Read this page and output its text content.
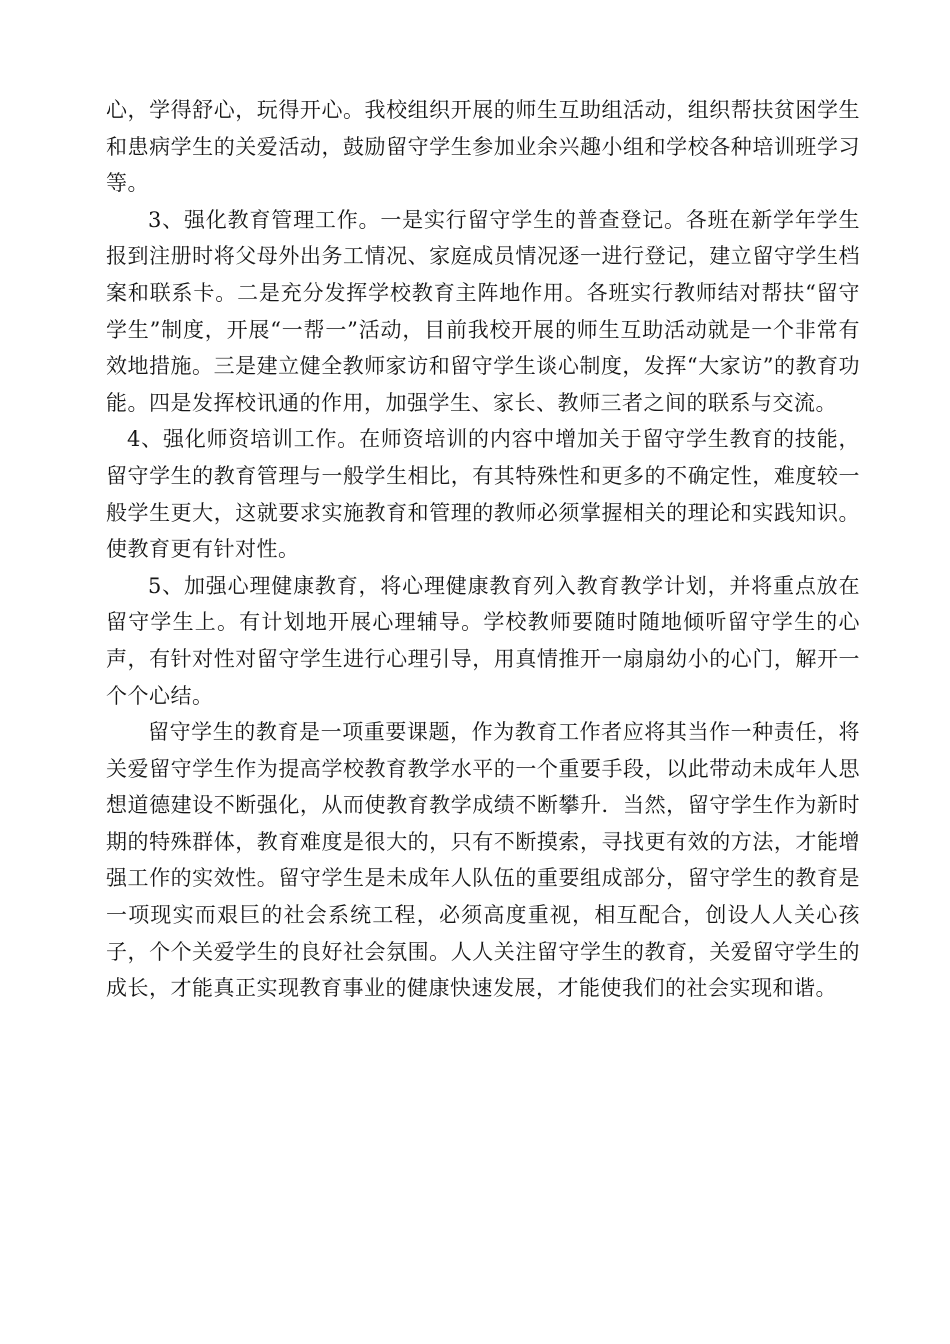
心，学得舒心，玩得开心。我校组织开展的师生互助组活动，组织帮扶贫困学生和患病学生的关爱活动，鼓励留守学生参加业余兴趣小组和学校各种培训班学习等。

3、强化教育管理工作。一是实行留守学生的普查登记。各班在新学年学生报到注册时将父母外出务工情况、家庭成员情况逐一进行登记，建立留守学生档案和联系卡。二是充分发挥学校教育主阵地作用。各班实行教师结对帮扶“留守学生”制度，开展“一帮一”活动，目前我校开展的师生互助活动就是一个非常有效地措施。三是建立健全教师家访和留守学生谈心制度，发挥“大家访”的教育功能。四是发挥校讯通的作用，加强学生、家长、教师三者之间的联系与交流。

4、强化师资培训工作。在师资培训的内容中增加关于留守学生教育的技能，留守学生的教育管理与一般学生相比，有其特殊性和更多的不确定性，难度较一般学生更大，这就要求实施教育和管理的教师必须掌握相关的理论和实践知识。使教育更有针对性。

5、加强心理健康教育，将心理健康教育列入教育教学计划，并将重点放在留守学生上。有计划地开展心理辅导。学校教师要随时随地倾听留守学生的心声，有针对性对留守学生进行心理引导，用真情推开一扇扇幼小的心门，解开一个个心结。

留守学生的教育是一项重要课题，作为教育工作者应将其当作一种责任，将关爱留守学生作为提高学校教育教学水平的一个重要手段，以此带动未成年人思想道德建设不断强化，从而使教育教学成绩不断攀升．当然，留守学生作为新时期的特殊群体，教育难度是很大的，只有不断摸索，寻找更有效的方法，才能增强工作的实效性。留守学生是未成年人队伍的重要组成部分，留守学生的教育是一项现实而艰巨的社会系统工程，必须高度重视，相互配合，创设人人关心孩子，个个关爱学生的良好社会氛围。人人关注留守学生的教育，关爱留守学生的成长，才能真正实现教育事业的健康快速发展，才能使我们的社会实现和谐。
